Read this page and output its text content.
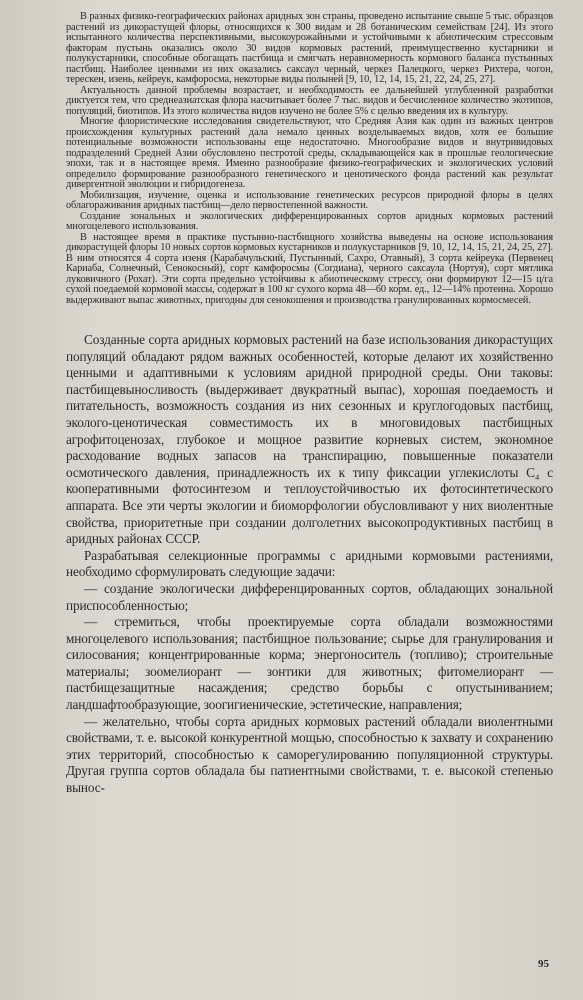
В разных физико-географических районах аридных зон страны, проведено испытание свыше 5 тыс. образцов растений из дикорастущей флоры, относящихся к 300 видам и 28 ботаническим семействам [24]. Из этого испытанного количества перспективными, высокоурожайными и устойчивыми к абиотическим стрессовым факторам пустынь оказались около 30 видов кормовых растений, преимущественно кустарники и полукустарники, способные обогащать пастбища и смягчать неравномерность кормового баланса пустынных пастбищ. Наиболее ценными из них оказались саксаул черный, черкез Палецкого, черкез Рихтера, чогон, терескен, изень, кейреук, камфоросма, некоторые виды полыней [9, 10, 12, 14, 15, 21, 22, 24, 25, 27].

Актуальность данной проблемы возрастает, и необходимость ее дальнейшей углубленной разработки диктуется тем, что среднеазиатская флора насчитывает более 7 тыс. видов и бесчисленное количество экотипов, популяций, биотипов. Из этого количества видов изучено не более 5% с целью введения их в культуру.

Многие флористические исследования свидетельствуют, что Средняя Азия как один из важных центров происхождения культурных растений дала немало ценных возделываемых видов, хотя ее большие потенциальные возможности использованы еще недостаточно. Многообразие видов и внутривидовых подразделений Средней Азии обусловлено пестротой среды, складывающейся как в прошлые геологические эпохи, так и в настоящее время. Именно разнообразие физико-географических и экологических условий определило формирование разнообразного генетического и ценотического фонда растений как результат дивергентной эволюции и гибридогенеза.

Мобилизация, изучение, оценка и использование генетических ресурсов природной флоры в целях облагораживания аридных пастбищ—дело первостепенной важности.

Создание зональных и экологических дифференцированных сортов аридных кормовых растений многоцелевого использования.

В настоящее время в практике пустынно-пастбищного хозяйства выведены на основе использования дикорастущей флоры 10 новых сортов кормовых кустарников и полукустарников [9, 10, 12, 14, 15, 21, 24, 25, 27]. В ним относятся 4 сорта изеня (Карабачульский, Пустынный, Сахро, Отавный), 3 сорта кейреука (Первенец Кариаба, Солнечный, Сенокосный), сорт камфоросмы (Согдиана), черного саксаула (Нортуя), сорт мятлика луковичного (Рохат). Эти сорта предельно устойчивы к абиотическому стрессу, они формируют 12—15 ц/га сухой поедаемой кормовой массы, содержат в 100 кг сухого корма 48—60 корм. ед., 12—14% протеина. Хорошо выдерживают выпас животных, пригодны для сенокошения и производства гранулированных кормосмесей.

Созданные сорта аридных кормовых растений на базе использования дикорастущих популяций обладают рядом важных особенностей, которые делают их хозяйственно ценными и адаптивными к условиям аридной природной среды. Они таковы: пастбищевыносливость (выдерживает двукратный выпас), хорошая поедаемость и питательность, возможность создания из них сезонных и круглогодовых пастбищ, эколого-ценотическая совместимость их в многовидовых пастбищных агрофитоценозах, глубокое и мощное развитие корневых систем, экономное расходование водных запасов на транспирацию, повышенные показатели осмотического давления, принадлежность их к типу фиксации углекислоты C₄ с кооперативными фотосинтезом и теплоустойчивостью их фотосинтетического аппарата. Все эти черты экологии и биоморфологии обусловливают у них виолентные свойства, приоритетные при создании долголетних высокопродуктивных пастбищ в аридных районах СССР.

Разрабатывая селекционные программы с аридными кормовыми растениями, необходимо сформулировать следующие задачи:

— создание экологически дифференцированных сортов, обладающих зональной приспособленностью;

— стремиться, чтобы проектируемые сорта обладали возможностями многоцелевого использования; пастбищное пользование; сырье для гранулирования и силосования; концентрированные корма; энергоноситель (топливо); строительные материалы; зоомелиорант — зонтики для животных; фитомелиорант — пастбищезащитные насаждения; средство борьбы с опустыниванием; ландшафтообразующие, зоогигиенические, эстетические, направления;

— желательно, чтобы сорта аридных кормовых растений обладали виолентными свойствами, т. е. высокой конкурентной мощью, способностью к захвату и сохранению этих территорий, способностью к саморегулированию популяционной структуры. Другая группа сортов обладала бы патиентными свойствами, т. е. высокой степенью вынос-

95
